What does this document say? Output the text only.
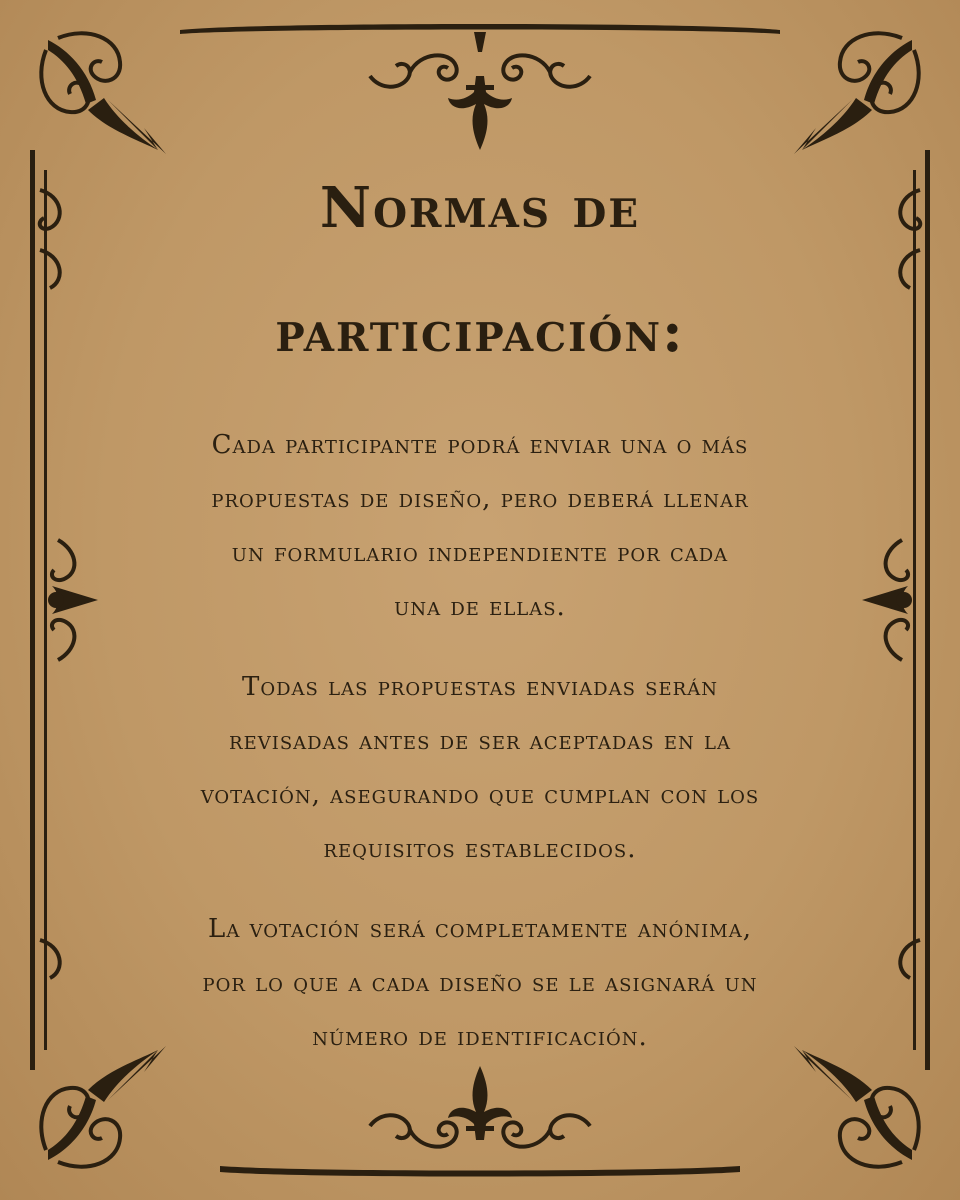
Normas de
participación:

Cada participante podrá enviar una o más
propuestas de diseño, pero deberá llenar
un formulario independiente por cada
una de ellas.

Todas las propuestas enviadas serán
revisadas antes de ser aceptadas en la
votación, asegurando que cumplan con los
requisitos establecidos.

La votación será completamente anónima,
por lo que a cada diseño se le asignará un
número de identificación.
